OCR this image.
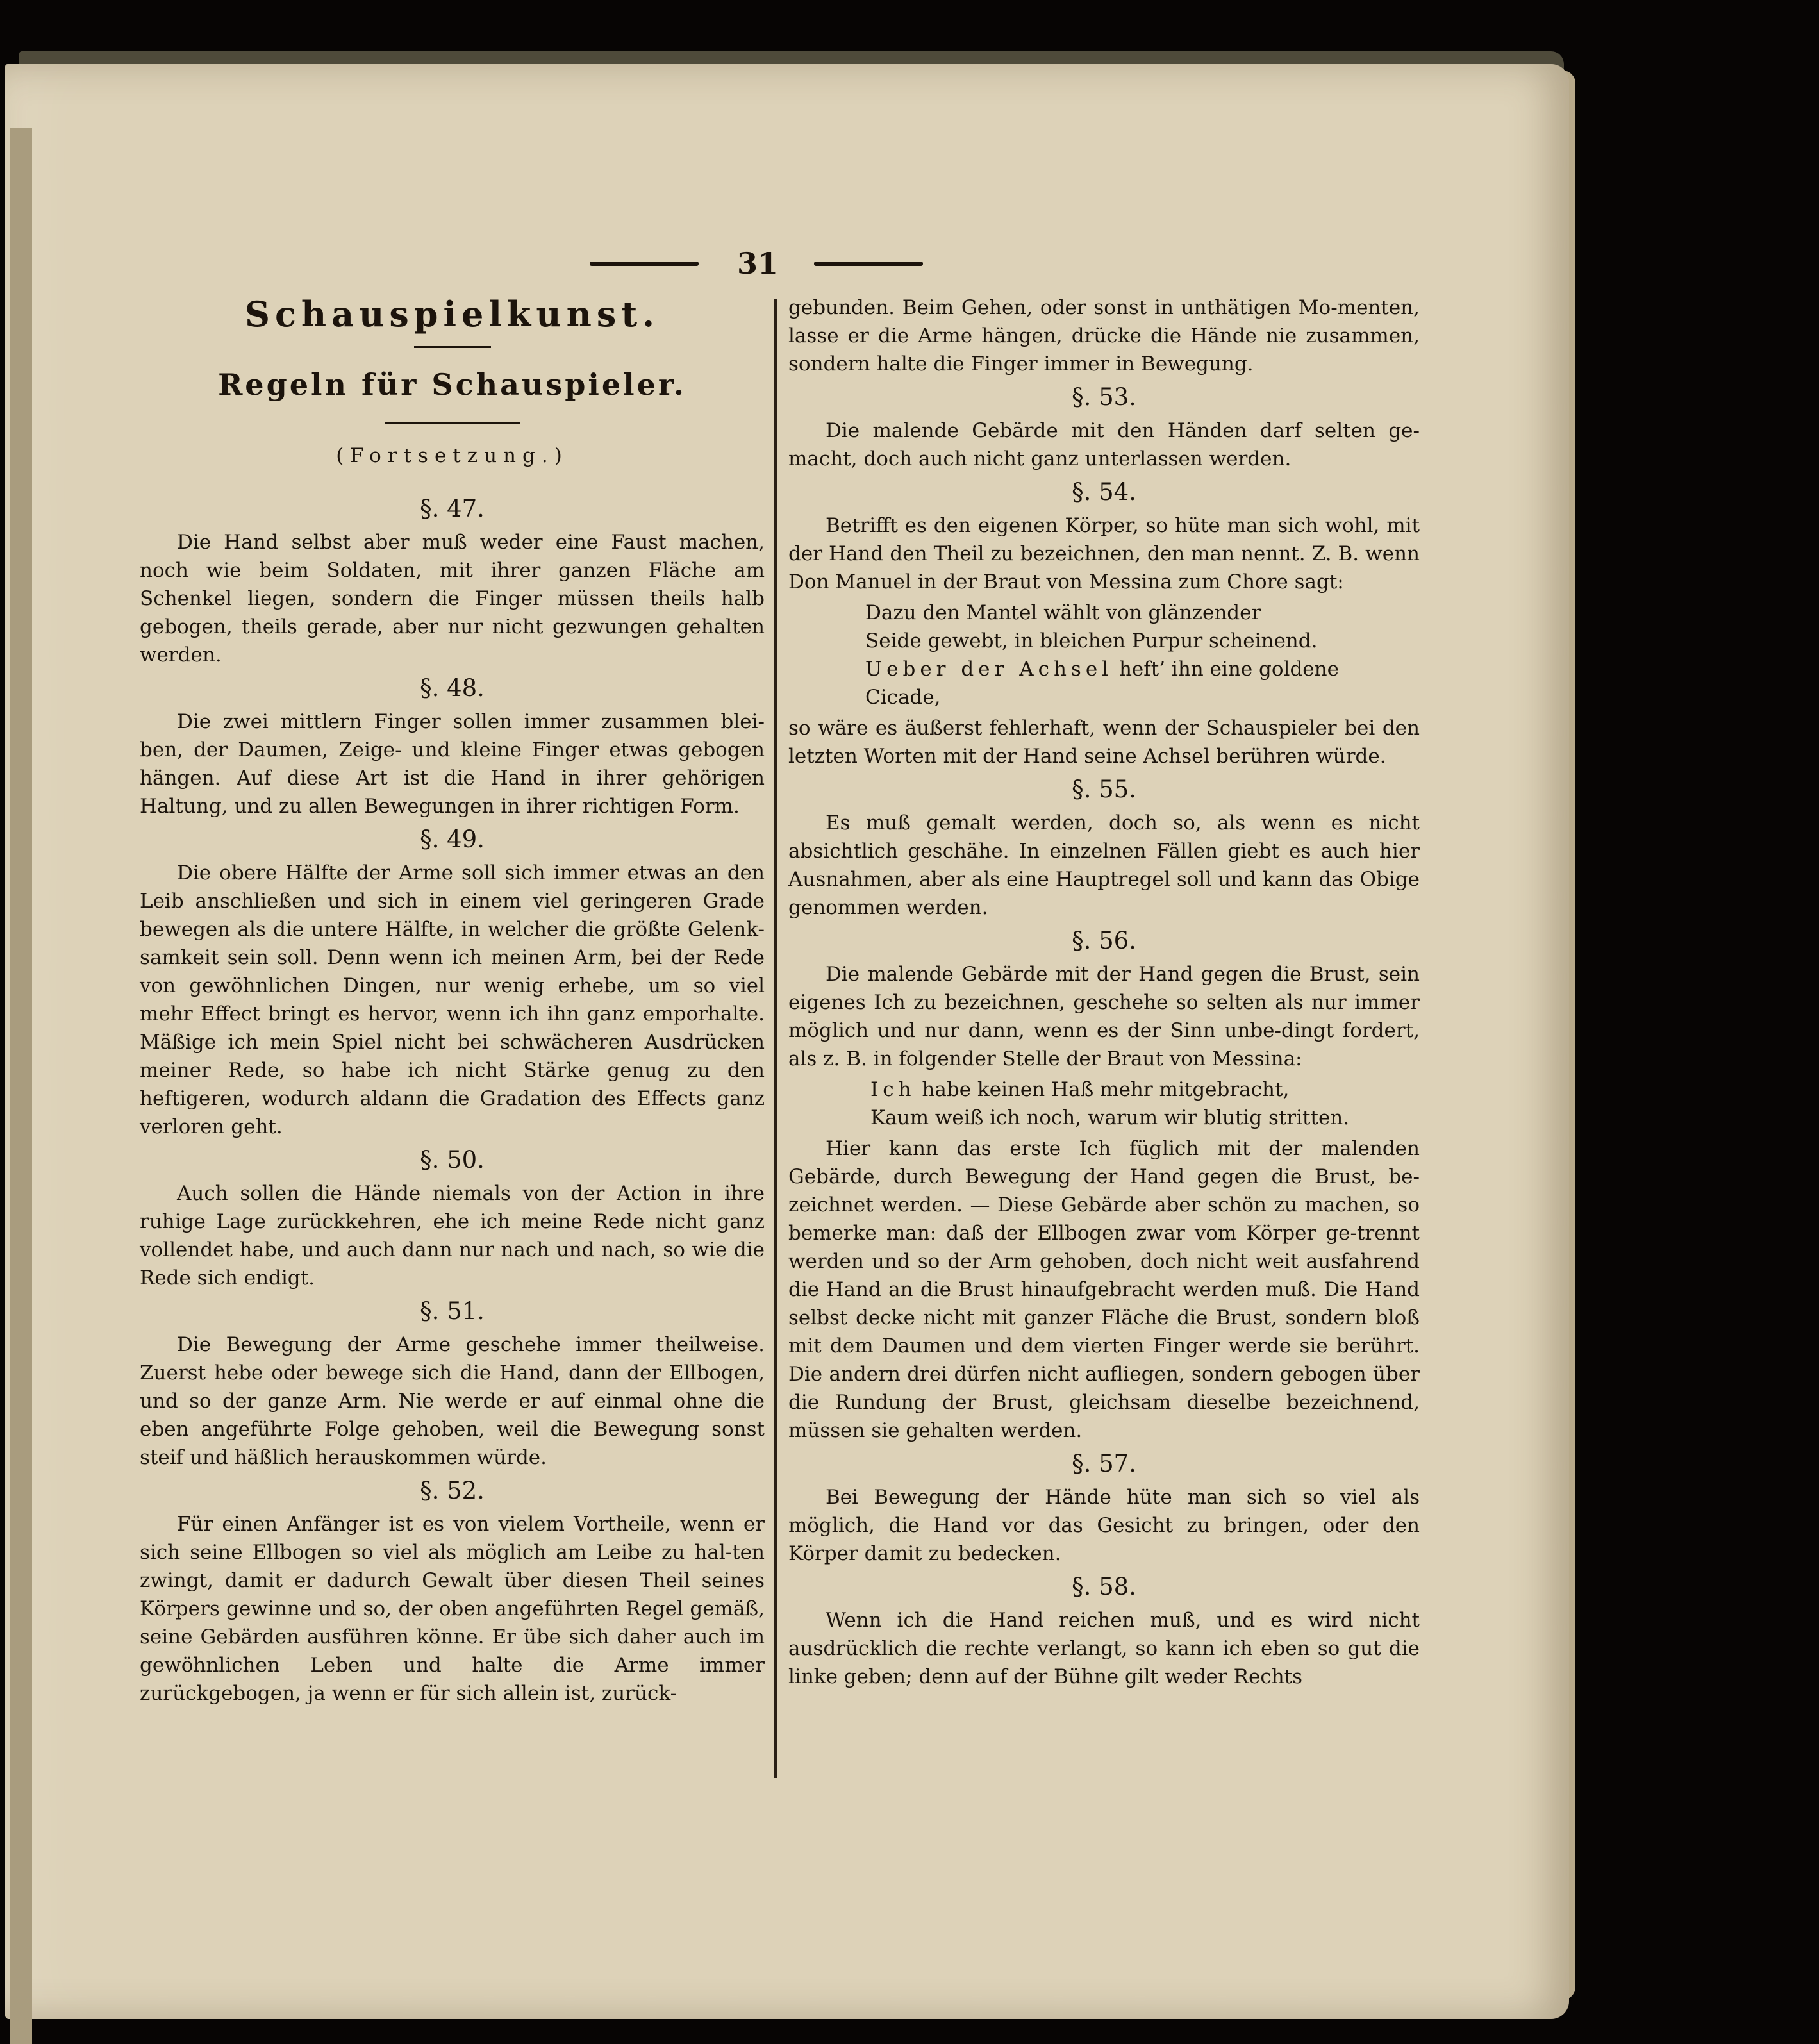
31
Schauspielkunst.
Regeln für Schauspieler.
(Fortsetzung.)
§. 47.

Die Hand selbst aber muß weder eine Faust machen, noch wie beim Soldaten, mit ihrer ganzen Fläche am Schenkel liegen, sondern die Finger müssen theils halb gebogen, theils gerade, aber nur nicht gezwungen gehalten werden.

§. 48.

Die zwei mittlern Finger sollen immer zusammen blei-ben, der Daumen, Zeige- und kleine Finger etwas gebogen hängen. Auf diese Art ist die Hand in ihrer gehörigen Haltung, und zu allen Bewegungen in ihrer richtigen Form.

§. 49.

Die obere Hälfte der Arme soll sich immer etwas an den Leib anschließen und sich in einem viel geringeren Grade bewegen als die untere Hälfte, in welcher die größte Gelenk-samkeit sein soll. Denn wenn ich meinen Arm, bei der Rede von gewöhnlichen Dingen, nur wenig erhebe, um so viel mehr Effect bringt es hervor, wenn ich ihn ganz emporhalte. Mäßige ich mein Spiel nicht bei schwächeren Ausdrücken meiner Rede, so habe ich nicht Stärke genug zu den heftigeren, wodurch aldann die Gradation des Effects ganz verloren geht.

§. 50.

Auch sollen die Hände niemals von der Action in ihre ruhige Lage zurückkehren, ehe ich meine Rede nicht ganz vollendet habe, und auch dann nur nach und nach, so wie die Rede sich endigt.

§. 51.

Die Bewegung der Arme geschehe immer theilweise. Zuerst hebe oder bewege sich die Hand, dann der Ellbogen, und so der ganze Arm. Nie werde er auf einmal ohne die eben angeführte Folge gehoben, weil die Bewegung sonst steif und häßlich herauskommen würde.

§. 52.

Für einen Anfänger ist es von vielem Vortheile, wenn er sich seine Ellbogen so viel als möglich am Leibe zu hal-ten zwingt, damit er dadurch Gewalt über diesen Theil seines Körpers gewinne und so, der oben angeführten Regel gemäß, seine Gebärden ausführen könne. Er übe sich daher auch im gewöhnlichen Leben und halte die Arme immer zurückgebogen, ja wenn er für sich allein ist, zurück-

gebunden. Beim Gehen, oder sonst in unthätigen Mo-menten, lasse er die Arme hängen, drücke die Hände nie zusammen, sondern halte die Finger immer in Bewegung.

§. 53.

Die malende Gebärde mit den Händen darf selten ge-macht, doch auch nicht ganz unterlassen werden.

§. 54.

Betrifft es den eigenen Körper, so hüte man sich wohl, mit der Hand den Theil zu bezeichnen, den man nennt. Z. B. wenn Don Manuel in der Braut von Messina zum Chore sagt:

Dazu den Mantel wählt von glänzender
Seide gewebt, in bleichen Purpur scheinend.
Ueber der Achsel heft’ ihn eine goldene Cicade,

so wäre es äußerst fehlerhaft, wenn der Schauspieler bei den letzten Worten mit der Hand seine Achsel berühren würde.

§. 55.

Es muß gemalt werden, doch so, als wenn es nicht absichtlich geschähe. In einzelnen Fällen giebt es auch hier Ausnahmen, aber als eine Hauptregel soll und kann das Obige genommen werden.

§. 56.

Die malende Gebärde mit der Hand gegen die Brust, sein eigenes Ich zu bezeichnen, geschehe so selten als nur immer möglich und nur dann, wenn es der Sinn unbe-dingt fordert, als z. B. in folgender Stelle der Braut von Messina:

Ich habe keinen Haß mehr mitgebracht,
Kaum weiß ich noch, warum wir blutig stritten.

Hier kann das erste Ich füglich mit der malenden Gebärde, durch Bewegung der Hand gegen die Brust, be-zeichnet werden. — Diese Gebärde aber schön zu machen, so bemerke man: daß der Ellbogen zwar vom Körper ge-trennt werden und so der Arm gehoben, doch nicht weit ausfahrend die Hand an die Brust hinaufgebracht werden muß. Die Hand selbst decke nicht mit ganzer Fläche die Brust, sondern bloß mit dem Daumen und dem vierten Finger werde sie berührt. Die andern drei dürfen nicht aufliegen, sondern gebogen über die Rundung der Brust, gleichsam dieselbe bezeichnend, müssen sie gehalten werden.

§. 57.

Bei Bewegung der Hände hüte man sich so viel als möglich, die Hand vor das Gesicht zu bringen, oder den Körper damit zu bedecken.

§. 58.

Wenn ich die Hand reichen muß, und es wird nicht ausdrücklich die rechte verlangt, so kann ich eben so gut die linke geben; denn auf der Bühne gilt weder Rechts
